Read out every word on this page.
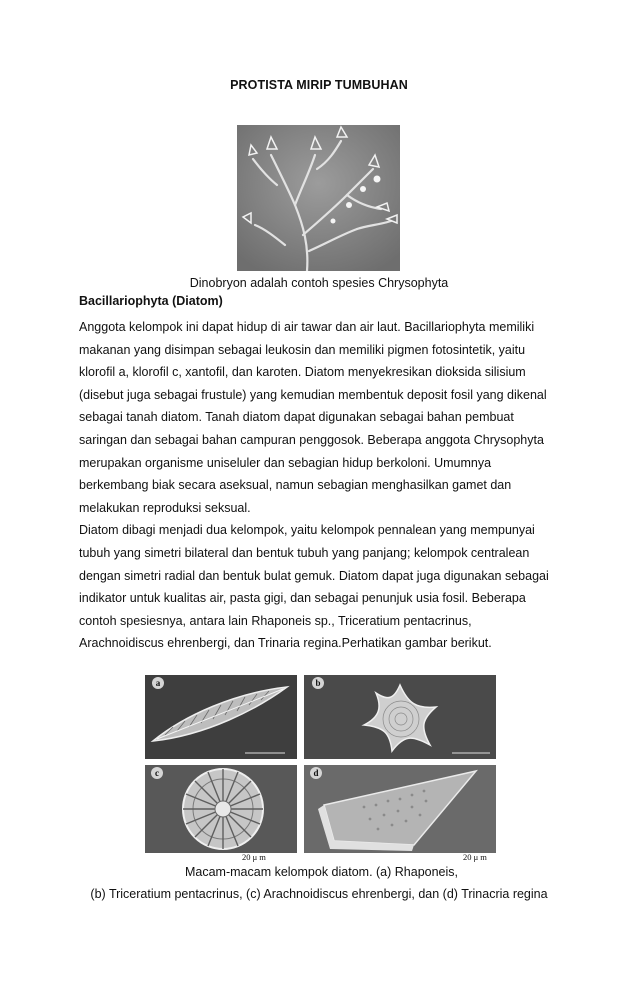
PROTISTA MIRIP TUMBUHAN
Dinobryon adalah contoh spesies Chrysophyta
Bacillariophyta (Diatom)
Anggota kelompok ini dapat hidup di air tawar dan air laut. Bacillariophyta memiliki
makanan yang disimpan sebagai leukosin dan memiliki pigmen fotosintetik, yaitu
klorofil a, klorofil c, xantofil, dan karoten. Diatom menyekresikan dioksida silisium
(disebut juga sebagai frustule) yang kemudian membentuk deposit fosil yang dikenal
sebagai tanah diatom. Tanah diatom dapat digunakan sebagai bahan pembuat
saringan dan sebagai bahan campuran penggosok. Beberapa anggota Chrysophyta
merupakan organisme uniseluler dan sebagian hidup berkoloni. Umumnya
berkembang biak secara aseksual, namun sebagian menghasilkan gamet dan
melakukan reproduksi seksual.
Diatom dibagi menjadi dua kelompok, yaitu kelompok pennalean yang mempunyai
tubuh yang simetri bilateral dan bentuk tubuh yang panjang; kelompok centralean
dengan simetri radial dan bentuk bulat gemuk. Diatom dapat juga digunakan sebagai
indikator untuk kualitas air, pasta gigi, dan sebagai penunjuk usia fosil. Beberapa
contoh spesiesnya, antara lain Rhaponeis sp., Triceratium pentacrinus,
Arachnoidiscus ehrenbergi, dan Trinaria regina.Perhatikan gambar berikut.
a	b
c	d
20 μ m	20 μ m
Macam-macam kelompok diatom. (a) Rhaponeis,
(b) Triceratium pentacrinus, (c) Arachnoidiscus ehrenbergi, dan (d) Trinacria regina
